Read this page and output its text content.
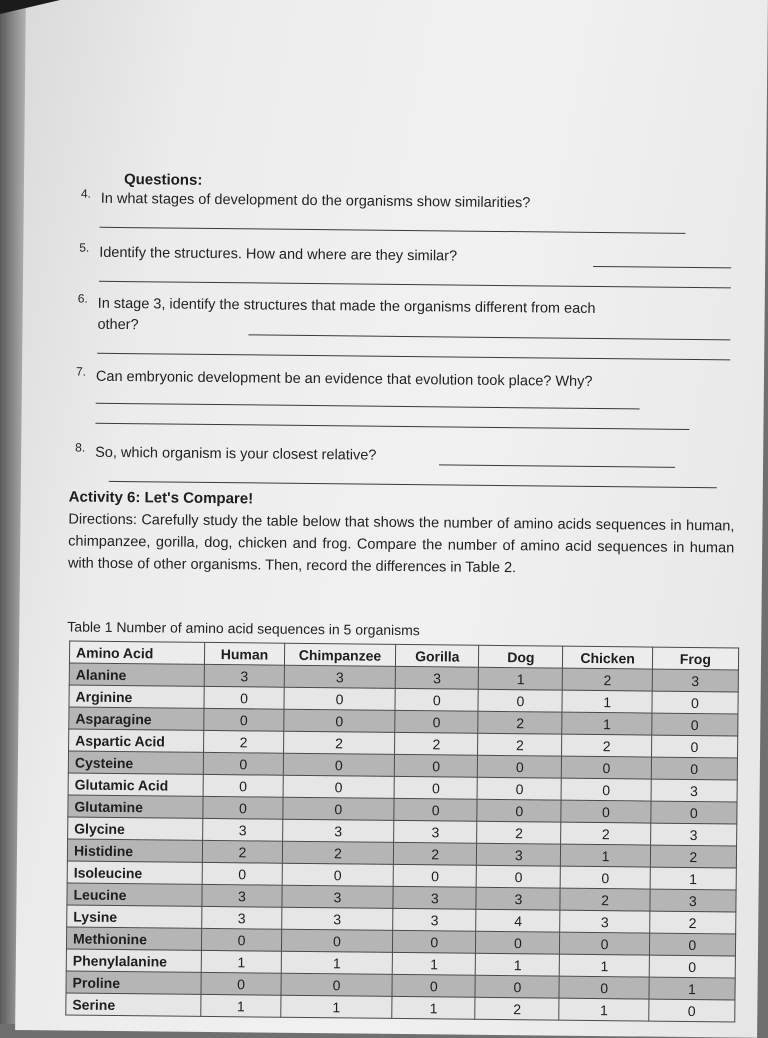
Questions:
4. In what stages of development do the organisms show similarities?
5. Identify the structures. How and where are they similar?
6. In stage 3, identify the structures that made the organisms different from each
other?
7. Can embryonic development be an evidence that evolution took place? Why?
8. So, which organism is your closest relative?
Activity 6: Let's Compare!
Directions: Carefully study the table below that shows the number of amino acids sequences in human, chimpanzee, gorilla, dog, chicken and frog. Compare the number of amino acid sequences in human with those of other organisms. Then, record the differences in Table 2.
Table 1 Number of amino acid sequences in 5 organisms
Amino Acid	Human	Chimpanzee	Gorilla	Dog	Chicken	Frog
Alanine	3	3	3	1	2	3
Arginine	0	0	0	0	1	0
Asparagine	0	0	0	2	1	0
Aspartic Acid	2	2	2	2	2	0
Cysteine	0	0	0	0	0	0
Glutamic Acid	0	0	0	0	0	3
Glutamine	0	0	0	0	0	0
Glycine	3	3	3	2	2	3
Histidine	2	2	2	3	1	2
Isoleucine	0	0	0	0	0	1
Leucine	3	3	3	3	2	3
Lysine	3	3	3	4	3	2
Methionine	0	0	0	0	0	0
Phenylalanine	1	1	1	1	1	0
Proline	0	0	0	0	0	1
Serine	1	1	1	2	1	0
